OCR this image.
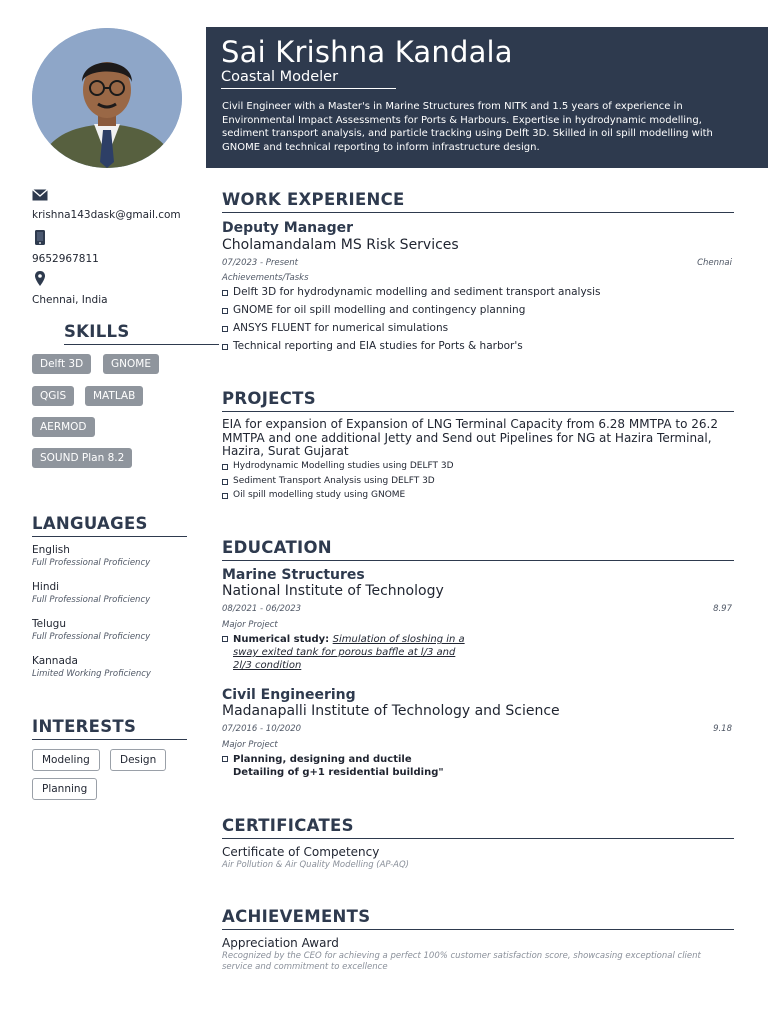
Sai Krishna Kandala
Coastal Modeler
Civil Engineer with a Master's in Marine Structures from NITK and 1.5 years of experience in Environmental Impact Assessments for Ports & Harbours. Expertise in hydrodynamic modelling, sediment transport analysis, and particle tracking using Delft 3D. Skilled in oil spill modelling with GNOME and technical reporting to inform infrastructure design.
krishna143dask@gmail.com
9652967811
Chennai, India
SKILLS
Delft 3D	GNOME
QGIS	MATLAB
AERMOD
SOUND Plan 8.2
LANGUAGES
English
Full Professional Proficiency
Hindi
Full Professional Proficiency
Telugu
Full Professional Proficiency
Kannada
Limited Working Proficiency
INTERESTS
Modeling	Design
Planning
WORK EXPERIENCE
Deputy Manager
Cholamandalam MS Risk Services
07/2023 - Present	Chennai
Achievements/Tasks
Delft 3D for hydrodynamic modelling and sediment transport analysis
GNOME for oil spill modelling and contingency planning
ANSYS FLUENT for numerical simulations
Technical reporting and EIA studies for Ports & harbor's
PROJECTS
EIA for expansion of Expansion of LNG Terminal Capacity from 6.28 MMTPA to 26.2 MMTPA and one additional Jetty and Send out Pipelines for NG at Hazira Terminal, Hazira, Surat Gujarat
Hydrodynamic Modelling studies using DELFT 3D
Sediment Transport Analysis using DELFT 3D
Oil spill modelling study using GNOME
EDUCATION
Marine Structures
National Institute of Technology
08/2021 - 06/2023	8.97
Major Project
Numerical study: Simulation of sloshing in a sway exited tank for porous baffle at l/3 and 2l/3 condition
Civil Engineering
Madanapalli Institute of Technology and Science
07/2016 - 10/2020	9.18
Major Project
Planning, designing and ductile Detailing of g+1 residential building"
CERTIFICATES
Certificate of Competency
Air Pollution & Air Quality Modelling (AP-AQ)
ACHIEVEMENTS
Appreciation Award
Recognized by the CEO for achieving a perfect 100% customer satisfaction score, showcasing exceptional client service and commitment to excellence
